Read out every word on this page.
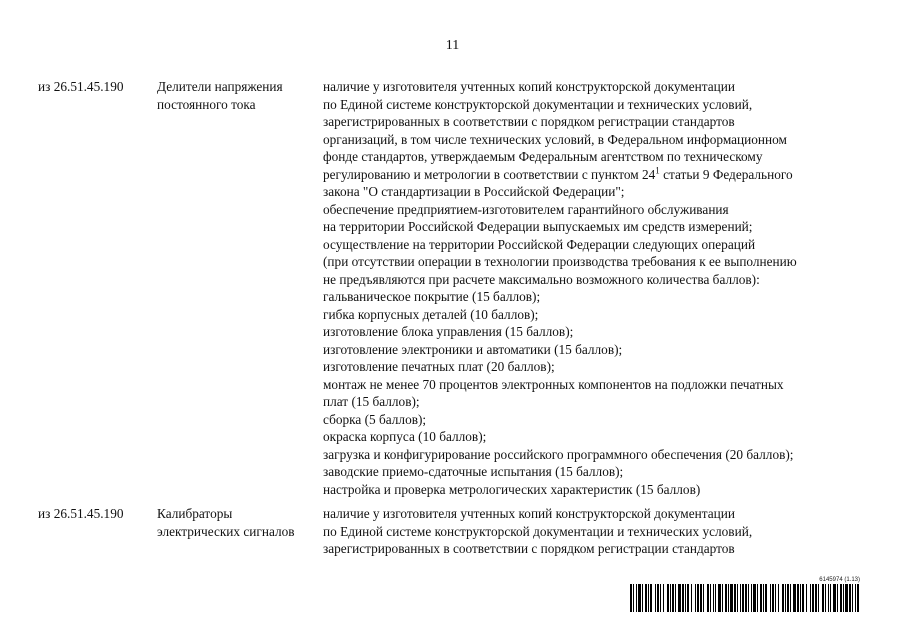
11
из 26.51.45.190	Делители напряжения
постоянного тока
наличие у изготовителя учтенных копий конструкторской документации
по Единой системе конструкторской документации и технических условий,
зарегистрированных в соответствии с порядком регистрации стандартов
организаций, в том числе технических условий, в Федеральном информационном
фонде стандартов, утверждаемым Федеральным агентством по техническому
регулированию и метрологии в соответствии с пунктом $24^1$ статьи 9 Федерального
закона "О стандартизации в Российской Федерации";
обеспечение предприятием-изготовителем гарантийного обслуживания
на территории Российской Федерации выпускаемых им средств измерений;
осуществление на территории Российской Федерации следующих операций
(при отсутствии операции в технологии производства требования к ее выполнению
не предъявляются при расчете максимально возможного количества баллов):
гальваническое покрытие (15 баллов);
гибка корпусных деталей (10 баллов);
изготовление блока управления (15 баллов);
изготовление электроники и автоматики (15 баллов);
изготовление печатных плат (20 баллов);
монтаж не менее 70 процентов электронных компонентов на подложки печатных
плат (15 баллов);
сборка (5 баллов);
окраска корпуса (10 баллов);
загрузка и конфигурирование российского программного обеспечения (20 баллов);
заводские приемо-сдаточные испытания (15 баллов);
настройка и проверка метрологических характеристик (15 баллов)
из 26.51.45.190	Калибраторы
электрических сигналов
наличие у изготовителя учтенных копий конструкторской документации
по Единой системе конструкторской документации и технических условий,
зарегистрированных в соответствии с порядком регистрации стандартов
6145974 (1.13)
